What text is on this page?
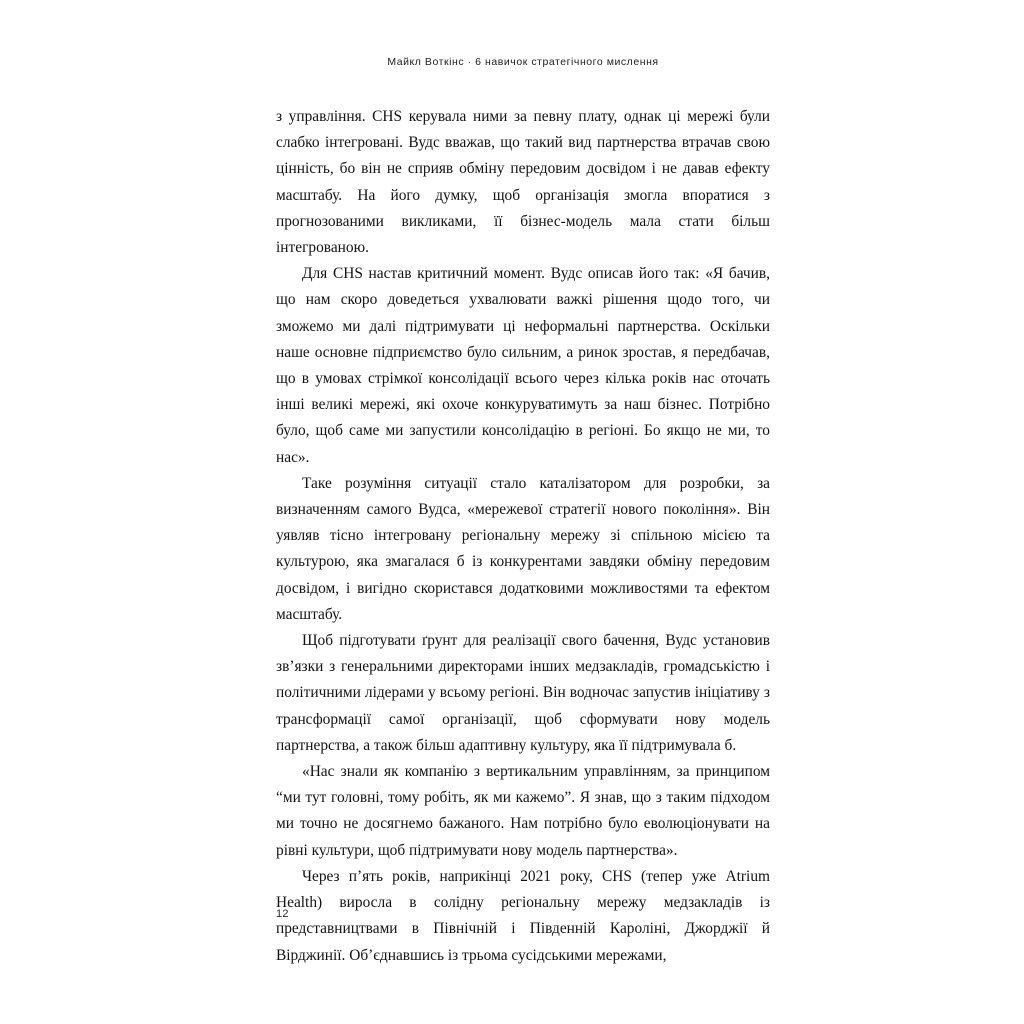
Майкл Воткінс · 6 навичок стратегічного мислення

з управління. CHS керувала ними за певну плату, однак ці мережі були слабко інтегровані. Вудс вважав, що такий вид партнерства втрачав свою цінність, бо він не сприяв обміну передовим досвідом і не давав ефекту масштабу. На його думку, щоб організація змогла впоратися з прогнозованими викликами, її бізнес-модель мала стати більш інтегрованою.

Для CHS настав критичний момент. Вудс описав його так: «Я бачив, що нам скоро доведеться ухвалювати важкі рішення щодо того, чи зможемо ми далі підтримувати ці неформальні партнерства. Оскільки наше основне підприємство було сильним, а ринок зростав, я передбачав, що в умовах стрімкої консолідації всього через кілька років нас оточать інші великі мережі, які охоче конкуруватимуть за наш бізнес. Потрібно було, щоб саме ми запустили консолідацію в регіоні. Бо якщо не ми, то нас».

Таке розуміння ситуації стало каталізатором для розробки, за визначенням самого Вудса, «мережевої стратегії нового покоління». Він уявляв тісно інтегровану регіональну мережу зі спільною місією та культурою, яка змагалася б із конкурентами завдяки обміну передовим досвідом, і вигідно скористався додатковими можливостями та ефектом масштабу.

Щоб підготувати ґрунт для реалізації свого бачення, Вудс установив зв’язки з генеральними директорами інших медзакладів, громадськістю і політичними лідерами у всьому регіоні. Він водночас запустив ініціативу з трансформації самої організації, щоб сформувати нову модель партнерства, а також більш адаптивну культуру, яка її підтримувала б.

«Нас знали як компанію з вертикальним управлінням, за принципом “ми тут головні, тому робіть, як ми кажемо”. Я знав, що з таким підходом ми точно не досягнемо бажаного. Нам потрібно було еволюціонувати на рівні культури, щоб підтримувати нову модель партнерства».

Через п’ять років, наприкінці 2021 року, CHS (тепер уже Atrium Health) виросла в солідну регіональну мережу медзакладів із представництвами в Північній і Південній Кароліні, Джорджії й Вірджинії. Об’єднавшись із трьома сусідськими мережами,

12
